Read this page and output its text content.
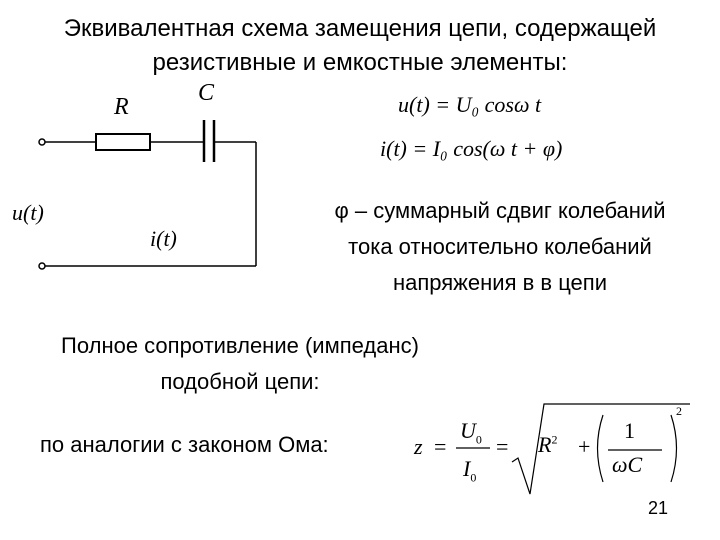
Эквивалентная схема замещения цепи, содержащей
резистивные и емкостные элементы:
R
C
u(t)
i(t)
u(t) = U₀ cosω t
i(t) = I₀ cos(ω t + φ)
φ – суммарный сдвиг колебаний
тока относительно колебаний
напряжения в в цепи
Полное сопротивление (импеданс)
подобной цепи:
по аналогии с законом Ома:	z =
$U_0$
$I_0$
= $R^2$ +
1
ωC
2
21
